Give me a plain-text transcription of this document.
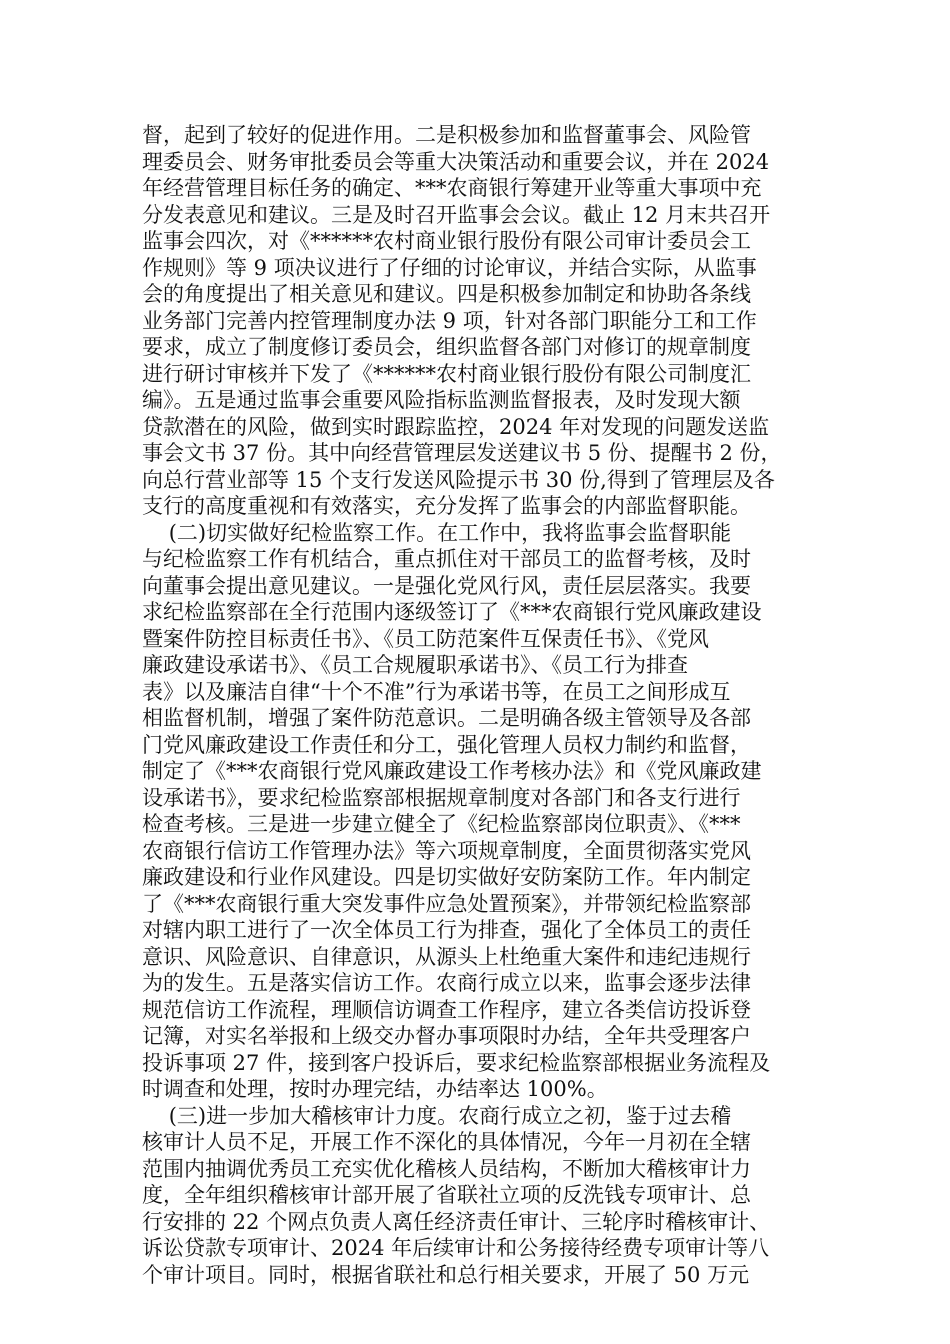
督，起到了较好的促进作用。二是积极参加和监督董事会、风险管
理委员会、财务审批委员会等重大决策活动和重要会议，并在 2024
年经营管理目标任务的确定、***农商银行筹建开业等重大事项中充
分发表意见和建议。三是及时召开监事会会议。截止 12 月末共召开
监事会四次，对《******农村商业银行股份有限公司审计委员会工
作规则》等 9 项决议进行了仔细的讨论审议，并结合实际，从监事
会的角度提出了相关意见和建议。四是积极参加制定和协助各条线
业务部门完善内控管理制度办法 9 项，针对各部门职能分工和工作
要求，成立了制度修订委员会，组织监督各部门对修订的规章制度
进行研讨审核并下发了《******农村商业银行股份有限公司制度汇
编》。五是通过监事会重要风险指标监测监督报表，及时发现大额
贷款潜在的风险，做到实时跟踪监控，2024 年对发现的问题发送监
事会文书 37 份。其中向经营管理层发送建议书 5 份、提醒书 2 份，
向总行营业部等 15 个支行发送风险提示书 30 份,得到了管理层及各
支行的高度重视和有效落实，充分发挥了监事会的内部监督职能。
(二)切实做好纪检监察工作。在工作中，我将监事会监督职能
与纪检监察工作有机结合，重点抓住对干部员工的监督考核，及时
向董事会提出意见建议。一是强化党风行风，责任层层落实。我要
求纪检监察部在全行范围内逐级签订了《***农商银行党风廉政建设
暨案件防控目标责任书》、《员工防范案件互保责任书》、《党风
廉政建设承诺书》、《员工合规履职承诺书》、《员工行为排查
表》以及廉洁自律“十个不准”行为承诺书等，在员工之间形成互
相监督机制，增强了案件防范意识。二是明确各级主管领导及各部
门党风廉政建设工作责任和分工，强化管理人员权力制约和监督，
制定了《***农商银行党风廉政建设工作考核办法》和《党风廉政建
设承诺书》，要求纪检监察部根据规章制度对各部门和各支行进行
检查考核。三是进一步建立健全了《纪检监察部岗位职责》、《***
农商银行信访工作管理办法》等六项规章制度，全面贯彻落实党风
廉政建设和行业作风建设。四是切实做好安防案防工作。年内制定
了《***农商银行重大突发事件应急处置预案》，并带领纪检监察部
对辖内职工进行了一次全体员工行为排查，强化了全体员工的责任
意识、风险意识、自律意识，从源头上杜绝重大案件和违纪违规行
为的发生。五是落实信访工作。农商行成立以来，监事会逐步法律
规范信访工作流程，理顺信访调查工作程序，建立各类信访投诉登
记簿，对实名举报和上级交办督办事项限时办结，全年共受理客户
投诉事项 27 件，接到客户投诉后，要求纪检监察部根据业务流程及
时调查和处理，按时办理完结，办结率达 100%。
(三)进一步加大稽核审计力度。农商行成立之初，鉴于过去稽
核审计人员不足，开展工作不深化的具体情况，今年一月初在全辖
范围内抽调优秀员工充实优化稽核人员结构，不断加大稽核审计力
度，全年组织稽核审计部开展了省联社立项的反洗钱专项审计、总
行安排的 22 个网点负责人离任经济责任审计、三轮序时稽核审计、
诉讼贷款专项审计、2024 年后续审计和公务接待经费专项审计等八
个审计项目。同时，根据省联社和总行相关要求，开展了 50 万元
